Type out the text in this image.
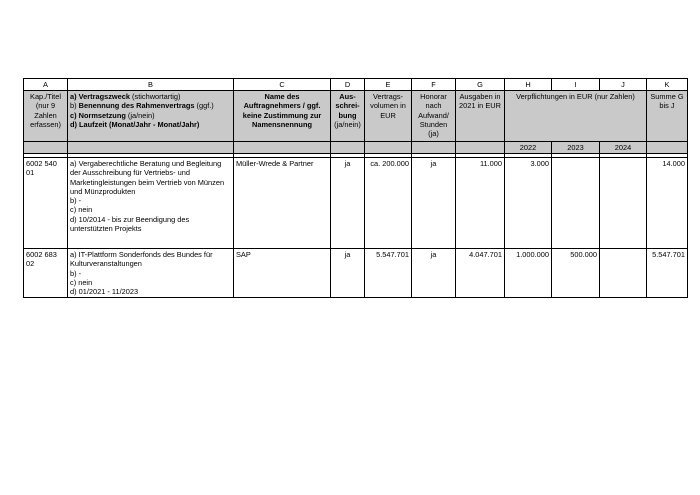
A	B	C	D	E	F	G	H	I	J	K
Kap./Titel (nur 9 Zahlen erfassen)	a) Vertragszweck (stichwortartig)
b) Benennung des Rahmenvertrags (ggf.)
c) Normsetzung (ja/nein)
d) Laufzeit (Monat/Jahr - Monat/Jahr)	Name des Auftragnehmers / ggf. keine Zustimmung zur Namensnennung	Aus-schrei-bung
(ja/nein)	Vertrags-volumen in EUR	Honorar nach Aufwand/ Stunden (ja)	Ausgaben in 2021 in EUR	Verpflichtungen in EUR (nur Zahlen)			Summe G bis J

							2022	2023	2024	

6002 540 01	a) Vergaberechtliche Beratung und Begleitung der Ausschreibung für Vertriebs- und Marketingleistungen beim Vertrieb von Münzen und Münzprodukten
b) -
c) nein
d) 10/2014 - bis zur Beendigung des unterstützten Projekts	Müller-Wrede & Partner	ja	ca. 200.000	ja	11.000	3.000			14.000
6002 683 02	a) IT-Plattform Sonderfonds des Bundes für Kulturveranstaltungen
b) -
c) nein
d) 01/2021 - 11/2023	SAP	ja	5.547.701	ja	4.047.701	1.000.000	500.000		5.547.701
